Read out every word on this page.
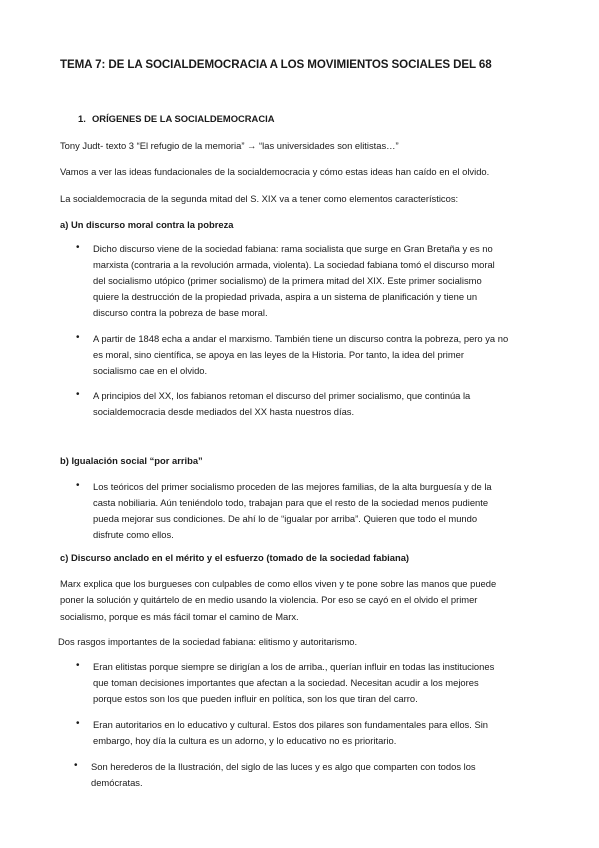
TEMA 7: DE LA SOCIALDEMOCRACIA A LOS MOVIMIENTOS SOCIALES DEL 68
1. ORÍGENES DE LA SOCIALDEMOCRACIA
Tony Judt- texto 3 “El refugio de la memoria” → “las universidades son elitistas…”
Vamos a ver las ideas fundacionales de la socialdemocracia y cómo estas ideas han caído en el olvido.
La socialdemocracia de la segunda mitad del S. XIX va a tener como elementos característicos:
a) Un discurso moral contra la pobreza
• Dicho discurso viene de la sociedad fabiana: rama socialista que surge en Gran Bretaña y es no
marxista (contraria a la revolución armada, violenta). La sociedad fabiana tomó el discurso moral
del socialismo utópico (primer socialismo) de la primera mitad del XIX. Este primer socialismo
quiere la destrucción de la propiedad privada, aspira a un sistema de planificación y tiene un
discurso contra la pobreza de base moral.
• A partir de 1848 echa a andar el marxismo. También tiene un discurso contra la pobreza, pero ya no
es moral, sino científica, se apoya en las leyes de la Historia. Por tanto, la idea del primer
socialismo cae en el olvido.
• A principios del XX, los fabianos retoman el discurso del primer socialismo, que continúa la
socialdemocracia desde mediados del XX hasta nuestros días.
b) Igualación social “por arriba”
• Los teóricos del primer socialismo proceden de las mejores familias, de la alta burguesía y de la
casta nobiliaria. Aún teniéndolo todo, trabajan para que el resto de la sociedad menos pudiente
pueda mejorar sus condiciones. De ahí lo de “igualar por arriba”. Quieren que todo el mundo
disfrute como ellos.
c) Discurso anclado en el mérito y el esfuerzo (tomado de la sociedad fabiana)
Marx explica que los burgueses con culpables de como ellos viven y te pone sobre las manos que puede
poner la solución y quitártelo de en medio usando la violencia. Por eso se cayó en el olvido el primer
socialismo, porque es más fácil tomar el camino de Marx.
Dos rasgos importantes de la sociedad fabiana: elitismo y autoritarismo.
• Eran elitistas porque siempre se dirigían a los de arriba., querían influir en todas las instituciones
que toman decisiones importantes que afectan a la sociedad. Necesitan acudir a los mejores
porque estos son los que pueden influir en política, son los que tiran del carro.
• Eran autoritarios en lo educativo y cultural. Estos dos pilares son fundamentales para ellos. Sin
embargo, hoy día la cultura es un adorno, y lo educativo no es prioritario.
• Son herederos de la Ilustración, del siglo de las luces y es algo que comparten con todos los
demócratas.
